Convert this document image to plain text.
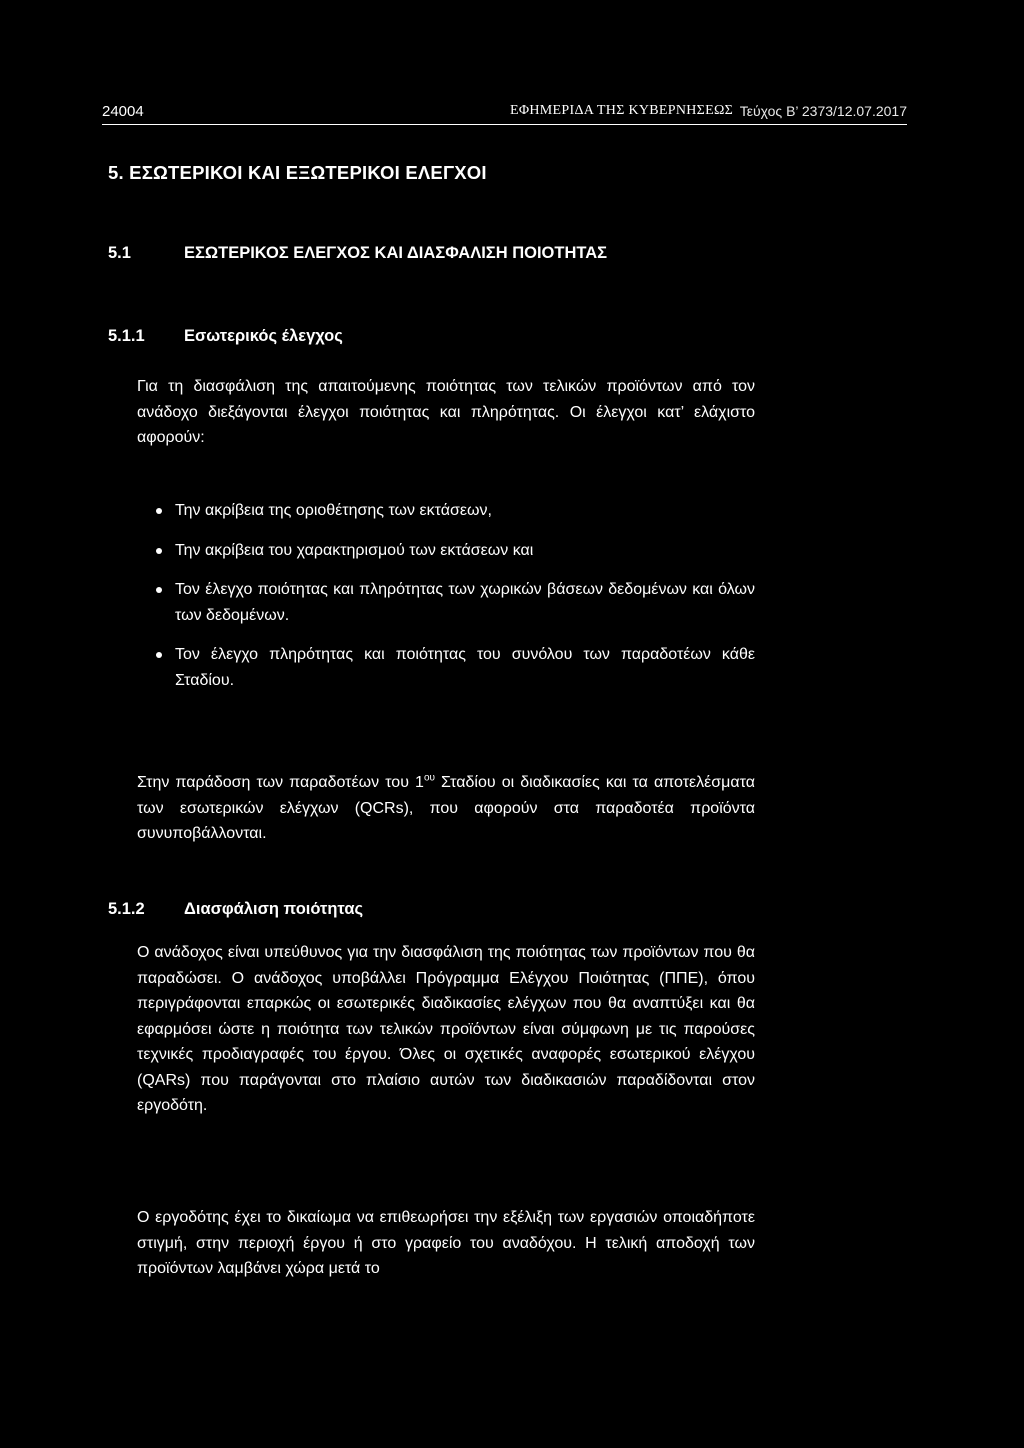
24004	ΕΦΗΜΕΡΙΔΑ ΤΗΣ ΚΥΒΕΡΝΗΣΕΩΣ Τεύχος Β’ 2373/12.07.2017
5. ΕΣΩΤΕΡΙΚΟΙ ΚΑΙ ΕΞΩΤΕΡΙΚΟΙ ΕΛΕΓΧΟΙ
5.1	ΕΣΩΤΕΡΙΚΟΣ ΕΛΕΓΧΟΣ ΚΑΙ ΔΙΑΣΦΑΛΙΣΗ ΠΟΙΟΤΗΤΑΣ
5.1.1 Εσωτερικός έλεγχος
Για τη διασφάλιση της απαιτούμενης ποιότητας των τελικών προϊόντων από τον ανάδοχο διεξάγονται έλεγχοι ποιότητας και πληρότητας. Οι έλεγχοι κατ’ ελάχιστο αφορούν:
Την ακρίβεια της οριοθέτησης των εκτάσεων,
Την ακρίβεια του χαρακτηρισμού των εκτάσεων και
Τον έλεγχο ποιότητας και πληρότητας των χωρικών βάσεων δεδομένων και όλων των δεδομένων.
Τον έλεγχο πληρότητας και ποιότητας του συνόλου των παραδοτέων κάθε Σταδίου.
Στην παράδοση των παραδοτέων του $1^{o\upsilon}$ Σταδίου οι διαδικασίες και τα αποτελέσματα των εσωτερικών ελέγχων (QCRs), που αφορούν στα παραδοτέα προϊόντα συνυποβάλλονται.
5.1.2 Διασφάλιση ποιότητας
Ο ανάδοχος είναι υπεύθυνος για την διασφάλιση της ποιότητας των προϊόντων που θα παραδώσει. Ο ανάδοχος υποβάλλει Πρόγραμμα Ελέγχου Ποιότητας (ΠΠΕ), όπου περιγράφονται επαρκώς οι εσωτερικές διαδικασίες ελέγχων που θα αναπτύξει και θα εφαρμόσει ώστε η ποιότητα των τελικών προϊόντων είναι σύμφωνη με τις παρούσες τεχνικές προδιαγραφές του έργου. Όλες οι σχετικές αναφορές εσωτερικού ελέγχου (QARs) που παράγονται στο πλαίσιο αυτών των διαδικασιών παραδίδονται στον εργοδότη.
Ο εργοδότης έχει το δικαίωμα να επιθεωρήσει την εξέλιξη των εργασιών οποιαδήποτε στιγμή, στην περιοχή έργου ή στο γραφείο του αναδόχου. Η τελική αποδοχή των προϊόντων λαμβάνει χώρα μετά το
